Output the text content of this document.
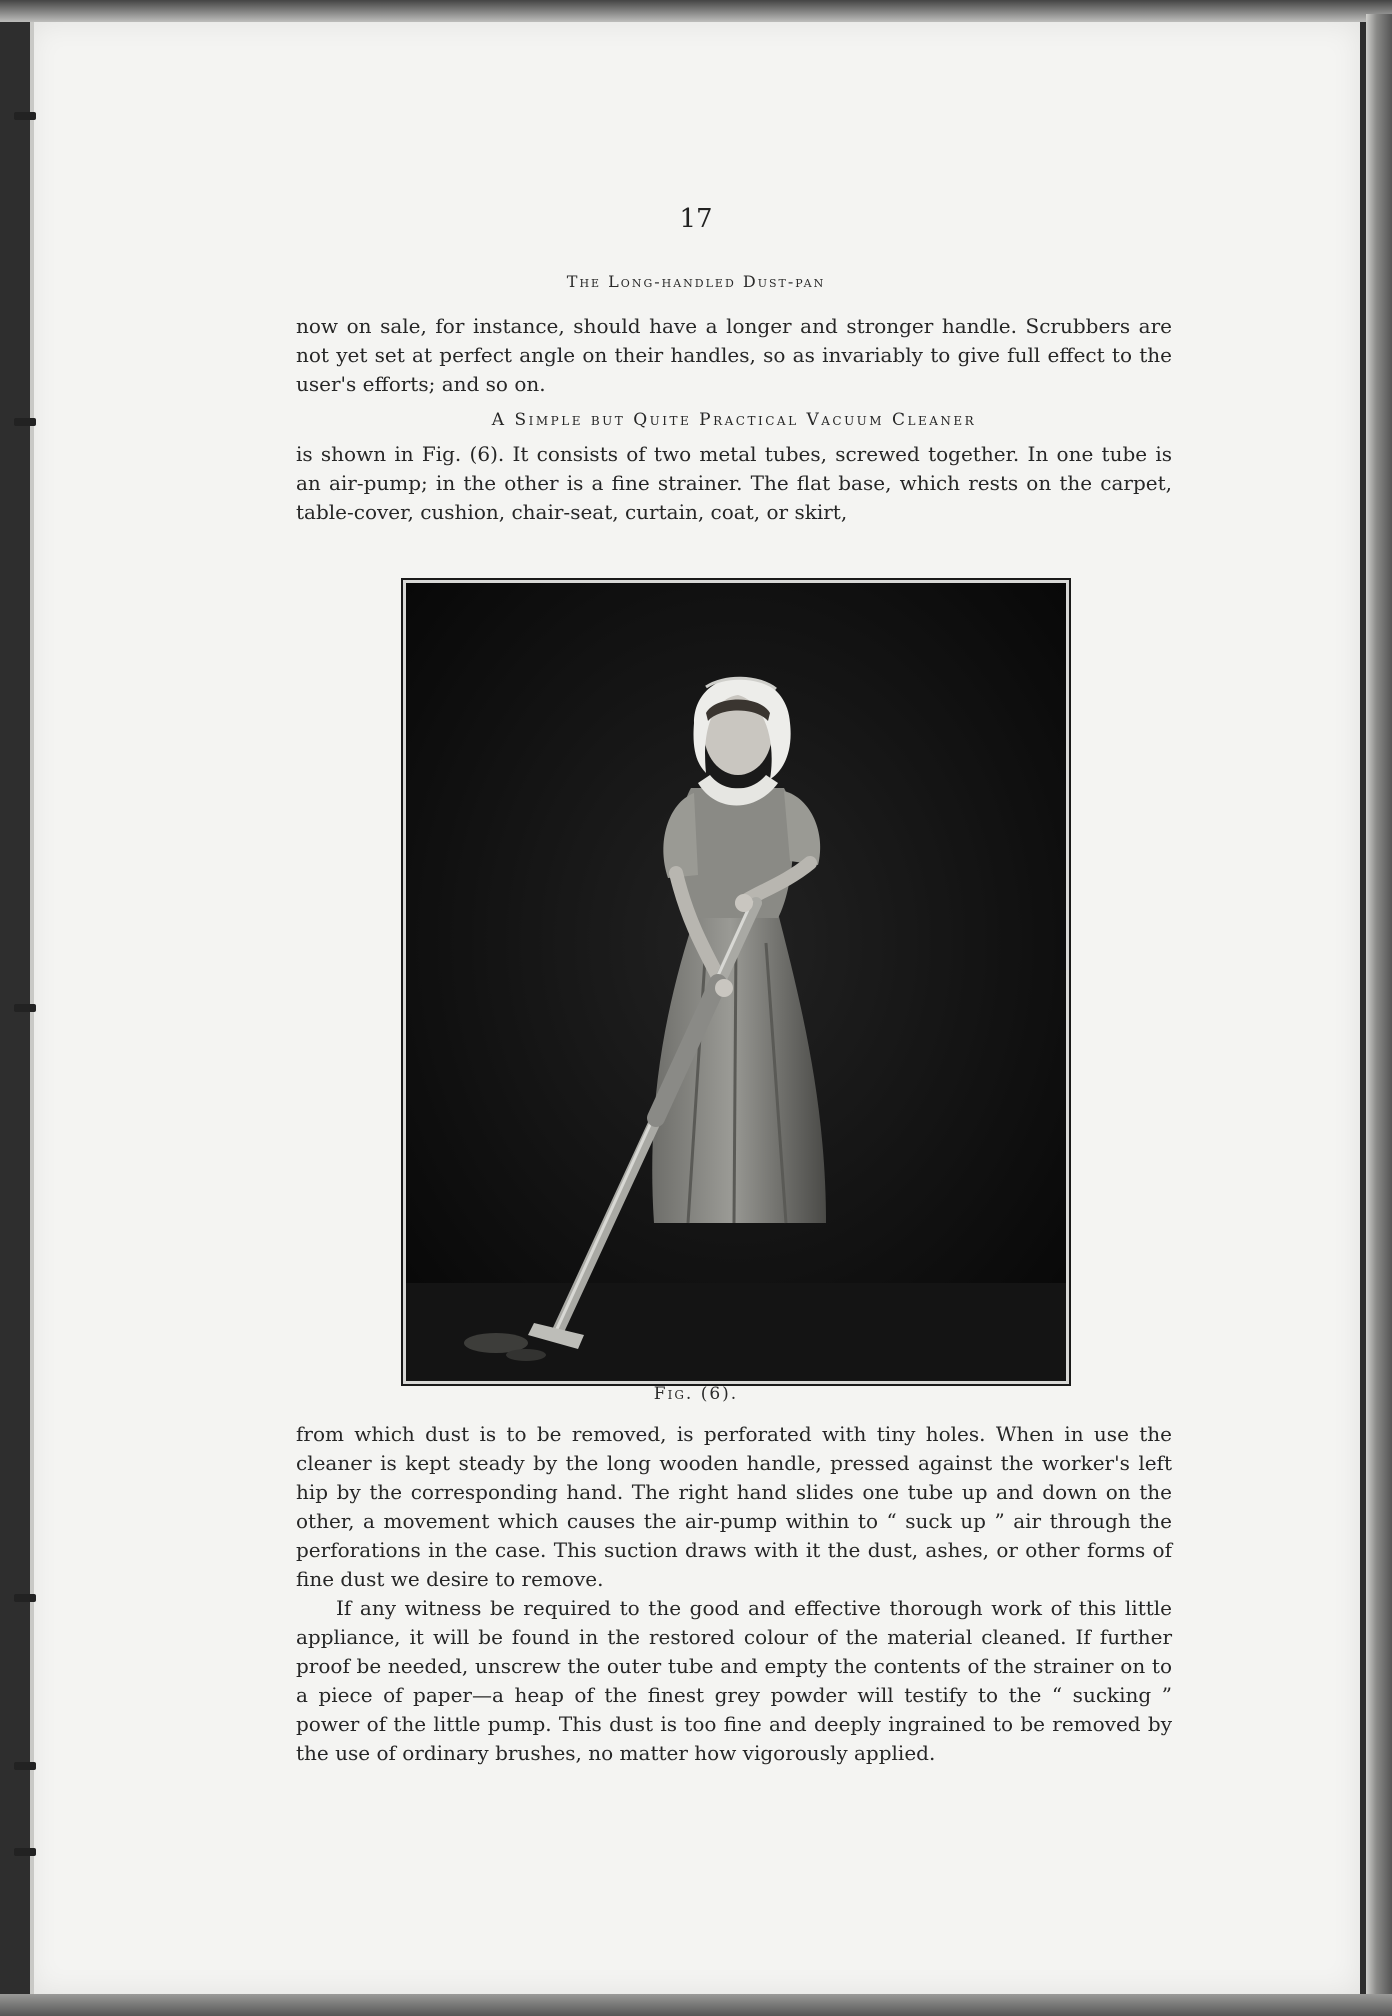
17

The Long-handled Dust-pan

now on sale, for instance, should have a longer and stronger handle. Scrubbers are not yet set at perfect angle on their handles, so as invariably to give full effect to the user's efforts; and so on.

A Simple but Quite Practical Vacuum Cleaner

is shown in Fig. (6). It consists of two metal tubes, screwed together. In one tube is an air-pump; in the other is a fine strainer. The flat base, which rests on the carpet, table-cover, cushion, chair-seat, curtain, coat, or skirt,

Fig. (6).

from which dust is to be removed, is perforated with tiny holes. When in use the cleaner is kept steady by the long wooden handle, pressed against the worker's left hip by the corresponding hand. The right hand slides one tube up and down on the other, a movement which causes the air-pump within to “ suck up ” air through the perforations in the case. This suction draws with it the dust, ashes, or other forms of fine dust we desire to remove.

If any witness be required to the good and effective thorough work of this little appliance, it will be found in the restored colour of the material cleaned. If further proof be needed, unscrew the outer tube and empty the contents of the strainer on to a piece of paper—a heap of the finest grey powder will testify to the “ sucking ” power of the little pump. This dust is too fine and deeply ingrained to be removed by the use of ordinary brushes, no matter how vigorously applied.
